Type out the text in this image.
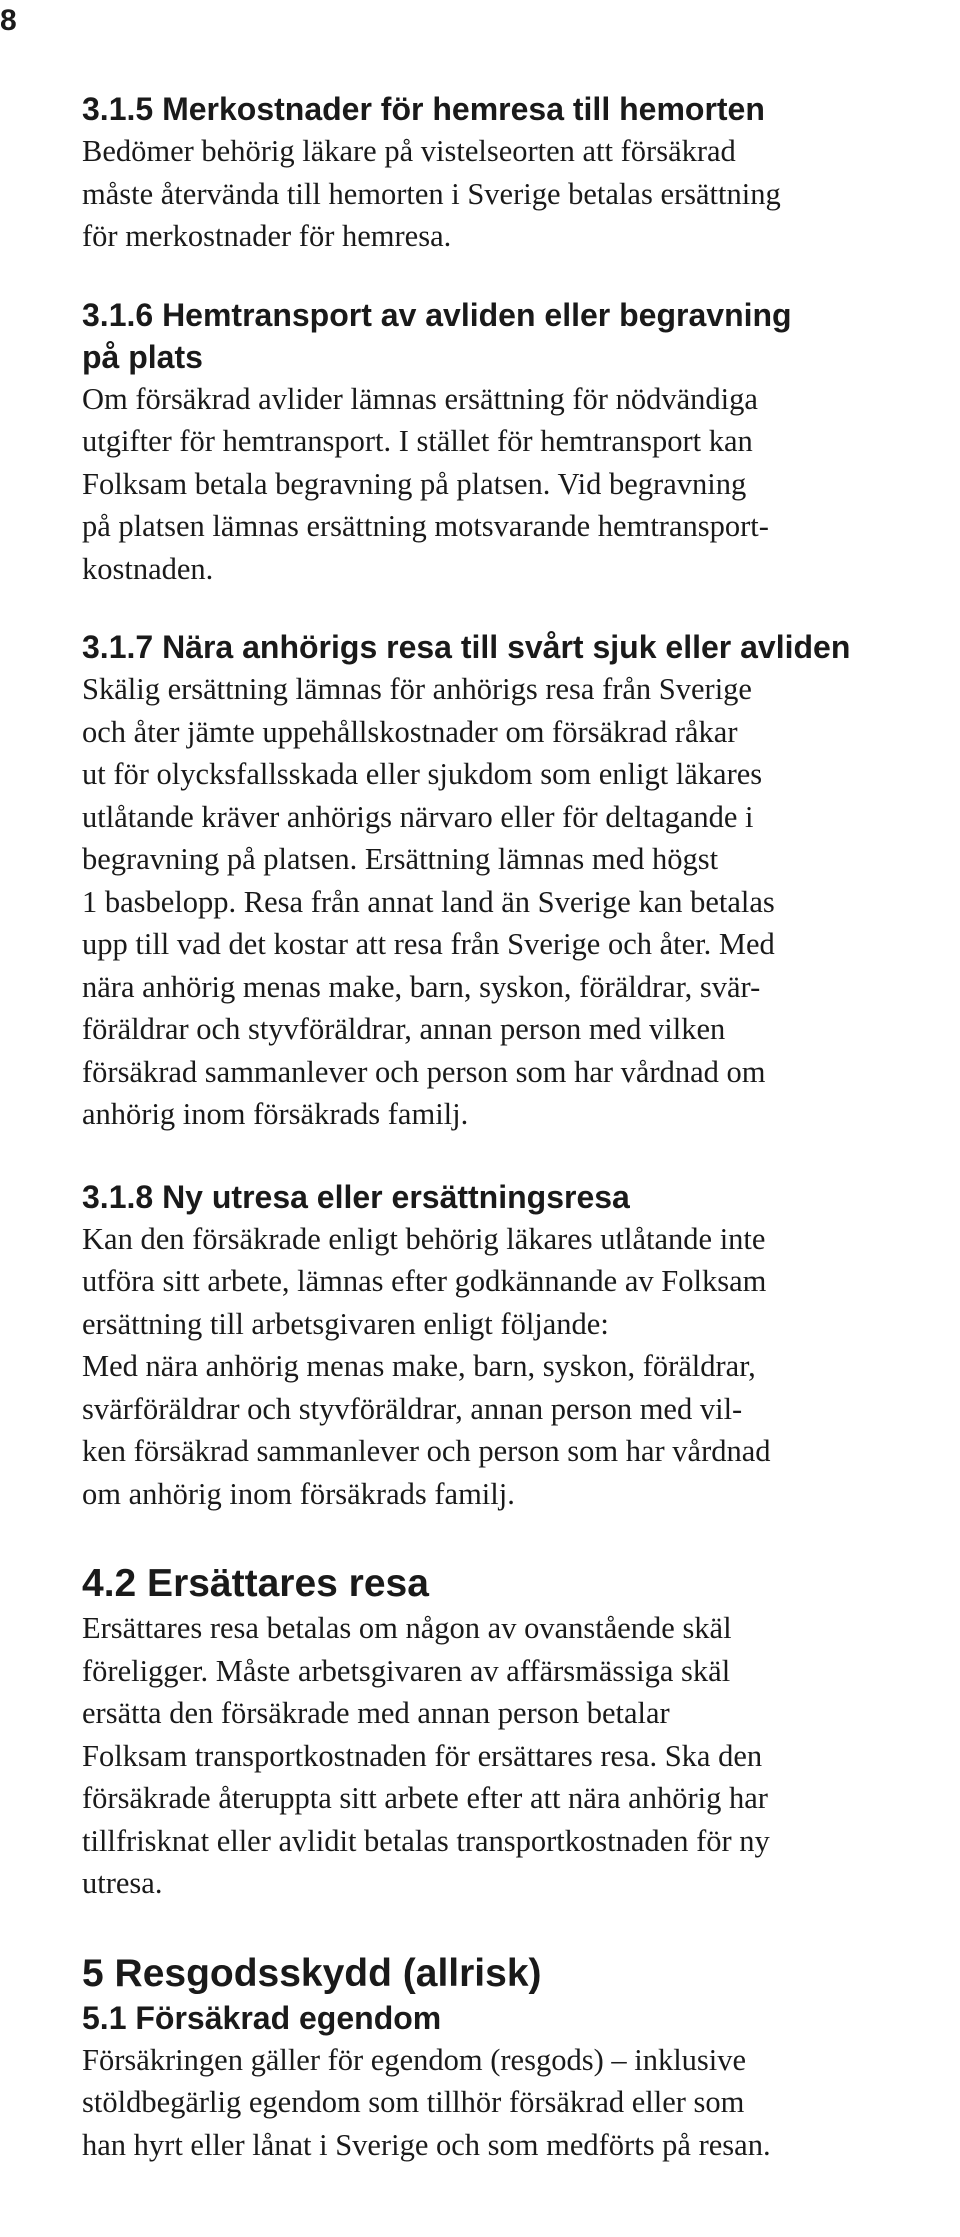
8
3.1.5 Merkostnader för hemresa till hemorten

Bedömer behörig läkare på vistelseorten att försäkrad
måste återvända till hemorten i Sverige betalas ersättning
för merkostnader för hemresa.

3.1.6 Hemtransport av avliden eller begravning
på plats

Om försäkrad avlider lämnas ersättning för nödvändiga
utgifter för hemtransport. I stället för hemtransport kan
Folksam betala begravning på platsen. Vid begravning
på platsen lämnas ersättning motsvarande hemtransport-
kostnaden.

3.1.7 Nära anhörigs resa till svårt sjuk eller avliden

Skälig ersättning lämnas för anhörigs resa från Sverige
och åter jämte uppehållskostnader om försäkrad råkar
ut för olycksfallsskada eller sjukdom som enligt läkares
utlåtande kräver anhörigs närvaro eller för deltagande i
begravning på platsen. Ersättning lämnas med högst
1 basbelopp. Resa från annat land än Sverige kan betalas
upp till vad det kostar att resa från Sverige och åter. Med
nära anhörig menas make, barn, syskon, föräldrar, svär-
föräldrar och styvföräldrar, annan person med vilken
försäkrad sammanlever och person som har vårdnad om
anhörig inom försäkrads familj.

3.1.8 Ny utresa eller ersättningsresa

Kan den försäkrade enligt behörig läkares utlåtande inte
utföra sitt arbete, lämnas efter godkännande av Folksam
ersättning till arbetsgivaren enligt följande:
Med nära anhörig menas make, barn, syskon, föräldrar,
svärföräldrar och styvföräldrar, annan person med vil-
ken försäkrad sammanlever och person som har vårdnad
om anhörig inom försäkrads familj.

4.2 Ersättares resa

Ersättares resa betalas om någon av ovanstående skäl
föreligger. Måste arbetsgivaren av affärsmässiga skäl
ersätta den försäkrade med annan person betalar
Folksam transportkostnaden för ersättares resa. Ska den
försäkrade återuppta sitt arbete efter att nära anhörig har
tillfrisknat eller avlidit betalas transportkostnaden för ny
utresa.

5 Resgodsskydd (allrisk)
5.1 Försäkrad egendom

Försäkringen gäller för egendom (resgods) – inklusive
stöldbegärlig egendom som tillhör försäkrad eller som
han hyrt eller lånat i Sverige och som medförts på resan.
